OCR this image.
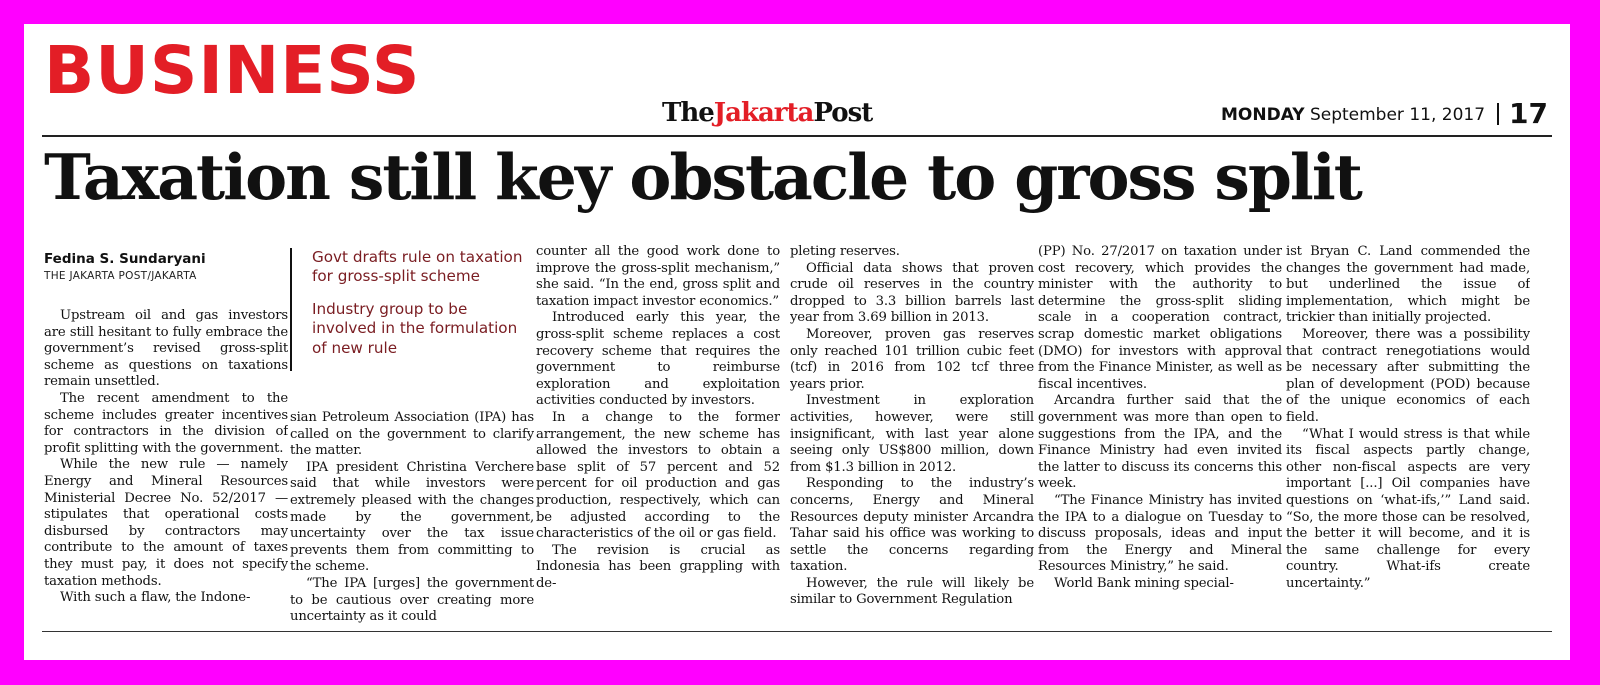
BUSINESS
TheJakartaPost	MONDAY September 11, 2017 17
Taxation still key obstacle to gross split
Fedina S. Sundaryani
THE JAKARTA POST/JAKARTA
Govt drafts rule on taxation for gross-split scheme
Industry group to be involved in the formulation of new rule

Upstream oil and gas investors are still hesitant to fully embrace the government’s revised gross-split scheme as questions on taxations remain unsettled.

The recent amendment to the scheme includes greater incentives for contractors in the division of profit splitting with the government.

While the new rule — namely Energy and Mineral Resources Ministerial Decree No. 52/2017 — stipulates that operational costs disbursed by contractors may contribute to the amount of taxes they must pay, it does not specify taxation methods.

With such a flaw, the Indone-

sian Petroleum Association (IPA) has called on the government to clarify the matter.

IPA president Christina Verchere said that while investors were extremely pleased with the changes made by the government, uncertainty over the tax issue prevents them from committing to the scheme.

“The IPA [urges] the government to be cautious over creating more uncertainty as it could

counter all the good work done to improve the gross-split mechanism,” she said. “In the end, gross split and taxation impact investor economics.”

Introduced early this year, the gross-split scheme replaces a cost recovery scheme that requires the government to reimburse exploration and exploitation activities conducted by investors.

In a change to the former arrangement, the new scheme has allowed the investors to obtain a base split of 57 percent and 52 percent for oil production and gas production, respectively, which can be adjusted according to the characteristics of the oil or gas field.

The revision is crucial as Indonesia has been grappling with de-

pleting reserves.

Official data shows that proven crude oil reserves in the country dropped to 3.3 billion barrels last year from 3.69 billion in 2013.

Moreover, proven gas reserves only reached 101 trillion cubic feet (tcf) in 2016 from 102 tcf three years prior.

Investment in exploration activities, however, were still insignificant, with last year alone seeing only US$800 million, down from $1.3 billion in 2012.

Responding to the industry’s concerns, Energy and Mineral Resources deputy minister Arcandra Tahar said his office was working to settle the concerns regarding taxation.

However, the rule will likely be similar to Government Regulation

(PP) No. 27/2017 on taxation under cost recovery, which provides the minister with the authority to determine the gross-split sliding scale in a cooperation contract, scrap domestic market obligations (DMO) for investors with approval from the Finance Minister, as well as fiscal incentives.

Arcandra further said that the government was more than open to suggestions from the IPA, and the Finance Ministry had even invited the latter to discuss its concerns this week.

“The Finance Ministry has invited the IPA to a dialogue on Tuesday to discuss proposals, ideas and input from the Energy and Mineral Resources Ministry,” he said.

World Bank mining special-

ist Bryan C. Land commended the changes the government had made, but underlined the issue of implementation, which might be trickier than initially projected.

Moreover, there was a possibility that contract renegotiations would be necessary after submitting the plan of development (POD) because of the unique economics of each field.

“What I would stress is that while its fiscal aspects partly change, other non-fiscal aspects are very important [...] Oil companies have questions on ‘what-ifs,’” Land said. “So, the more those can be resolved, the better it will become, and it is the same challenge for every country. What-ifs create uncertainty.”
